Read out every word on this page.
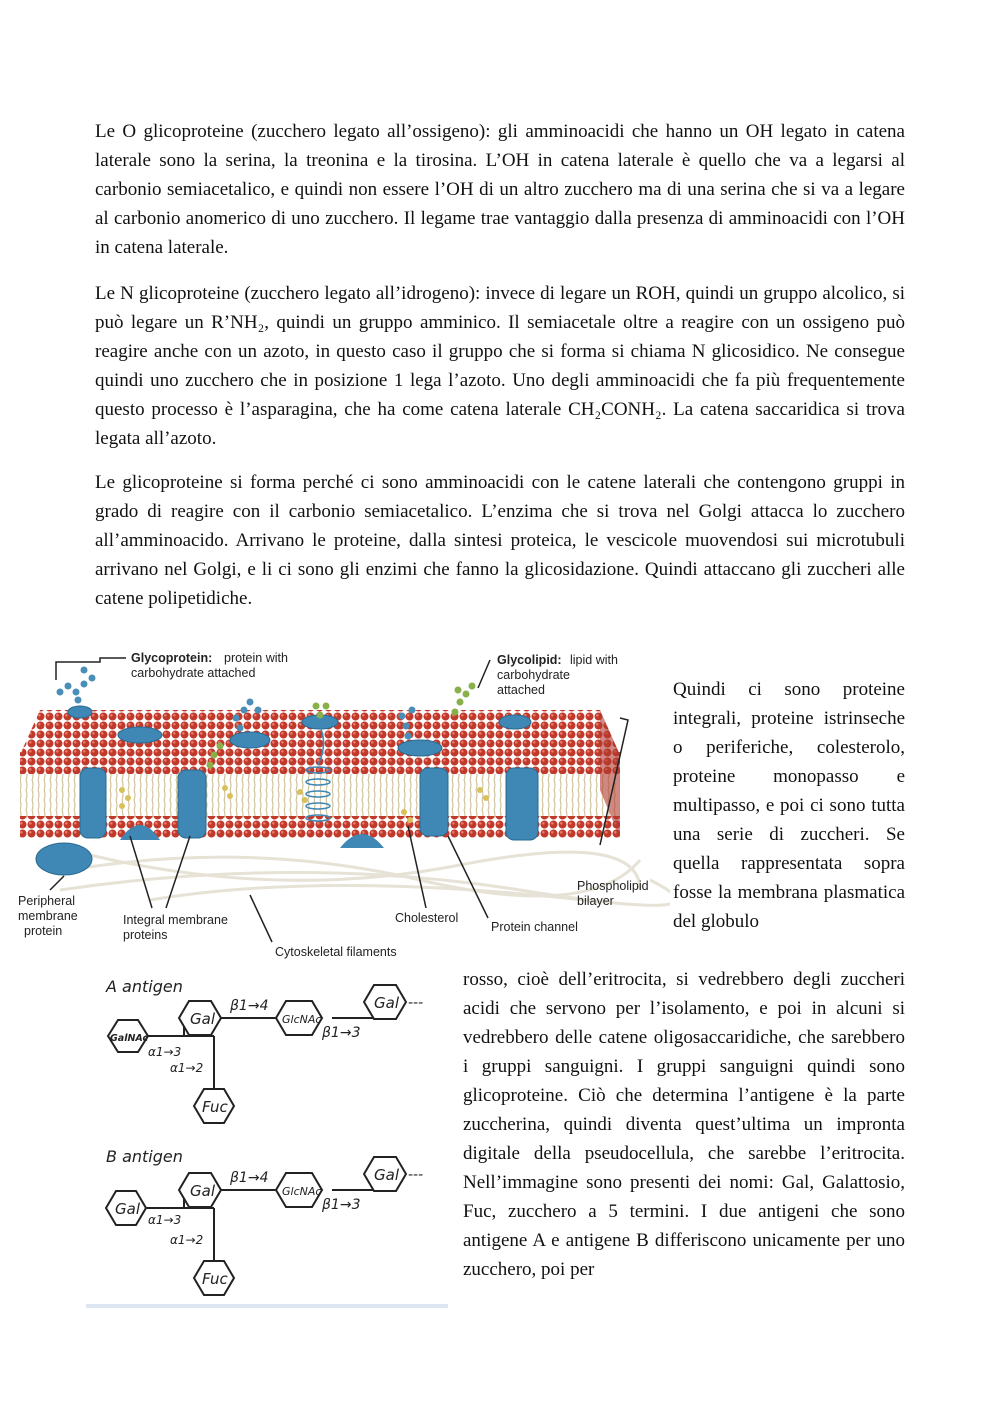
Le O glicoproteine (zucchero legato all’ossigeno): gli amminoacidi che hanno un OH legato in catena laterale sono la serina, la treonina e la tirosina. L’OH in catena laterale è quello che va a legarsi al carbonio semiacetalico, e quindi non essere l’OH di un altro zucchero ma di una serina che si va a legare al carbonio anomerico di uno zucchero. Il legame trae vantaggio dalla presenza di amminoacidi con l’OH in catena laterale.

Le N glicoproteine (zucchero legato all’idrogeno): invece di legare un ROH, quindi un gruppo alcolico, si può legare un R’NH₂, quindi un gruppo amminico. Il semiacetale oltre a reagire con un ossigeno può reagire anche con un azoto, in questo caso il gruppo che si forma si chiama N glicosidico. Ne consegue quindi uno zucchero che in posizione 1 lega l’azoto. Uno degli amminoacidi che fa più frequentemente questo processo è l’asparagina, che ha come catena laterale CH₂CONH₂. La catena saccaridica si trova legata all’azoto.

Le glicoproteine si forma perché ci sono amminoacidi con le catene laterali che contengono gruppi in grado di reagire con il carbonio semiacetalico. L’enzima che si trova nel Golgi attacca lo zucchero all’amminoacido. Arrivano le proteine, dalla sintesi proteica, le vescicole muovendosi sui microtubuli arrivano nel Golgi, e li ci sono gli enzimi che fanno la glicosidazione. Quindi attaccano gli zuccheri alle catene polipetidiche.

Glycoprotein: protein with
carbohydrate attached
Glycolipid: lipid with
carbohydrate
attached
Peripheral
membrane
protein
Integral membrane
proteins
Cytoskeletal filaments
Cholesterol
Protein channel
Phospholipid
bilayer

Quindi ci sono proteine integrali, proteine istrinseche o periferiche, colesterolo, proteine monopasso e multipasso, e poi ci sono tutta una serie di zuccheri. Se quella rappresentata sopra fosse la membrana plasmatica del globulo

A antigen
GalNAc
Gal	GlcNAc
Gal ---
Fuc
β1→4
β1→3
α1→3
α1→2
B antigen
Gal
Gal	GlcNAc
Gal ---
Fuc
β1→4
β1→3
α1→3
α1→2

rosso, cioè dell’eritrocita, si vedrebbero degli zuccheri acidi che servono per l’isolamento, e poi in alcuni si vedrebbero delle catene oligosaccaridiche, che sarebbero i gruppi sanguigni. I gruppi sanguigni quindi sono glicoproteine. Ciò che determina l’antigene è la parte zuccherina, quindi diventa quest’ultima un impronta digitale della pseudocellula, che sarebbe l’eritrocita. Nell’immagine sono presenti dei nomi: Gal, Galattosio, Fuc, zucchero a 5 termini. I due antigeni che sono antigene A e antigene B differiscono unicamente per uno zucchero, poi per
